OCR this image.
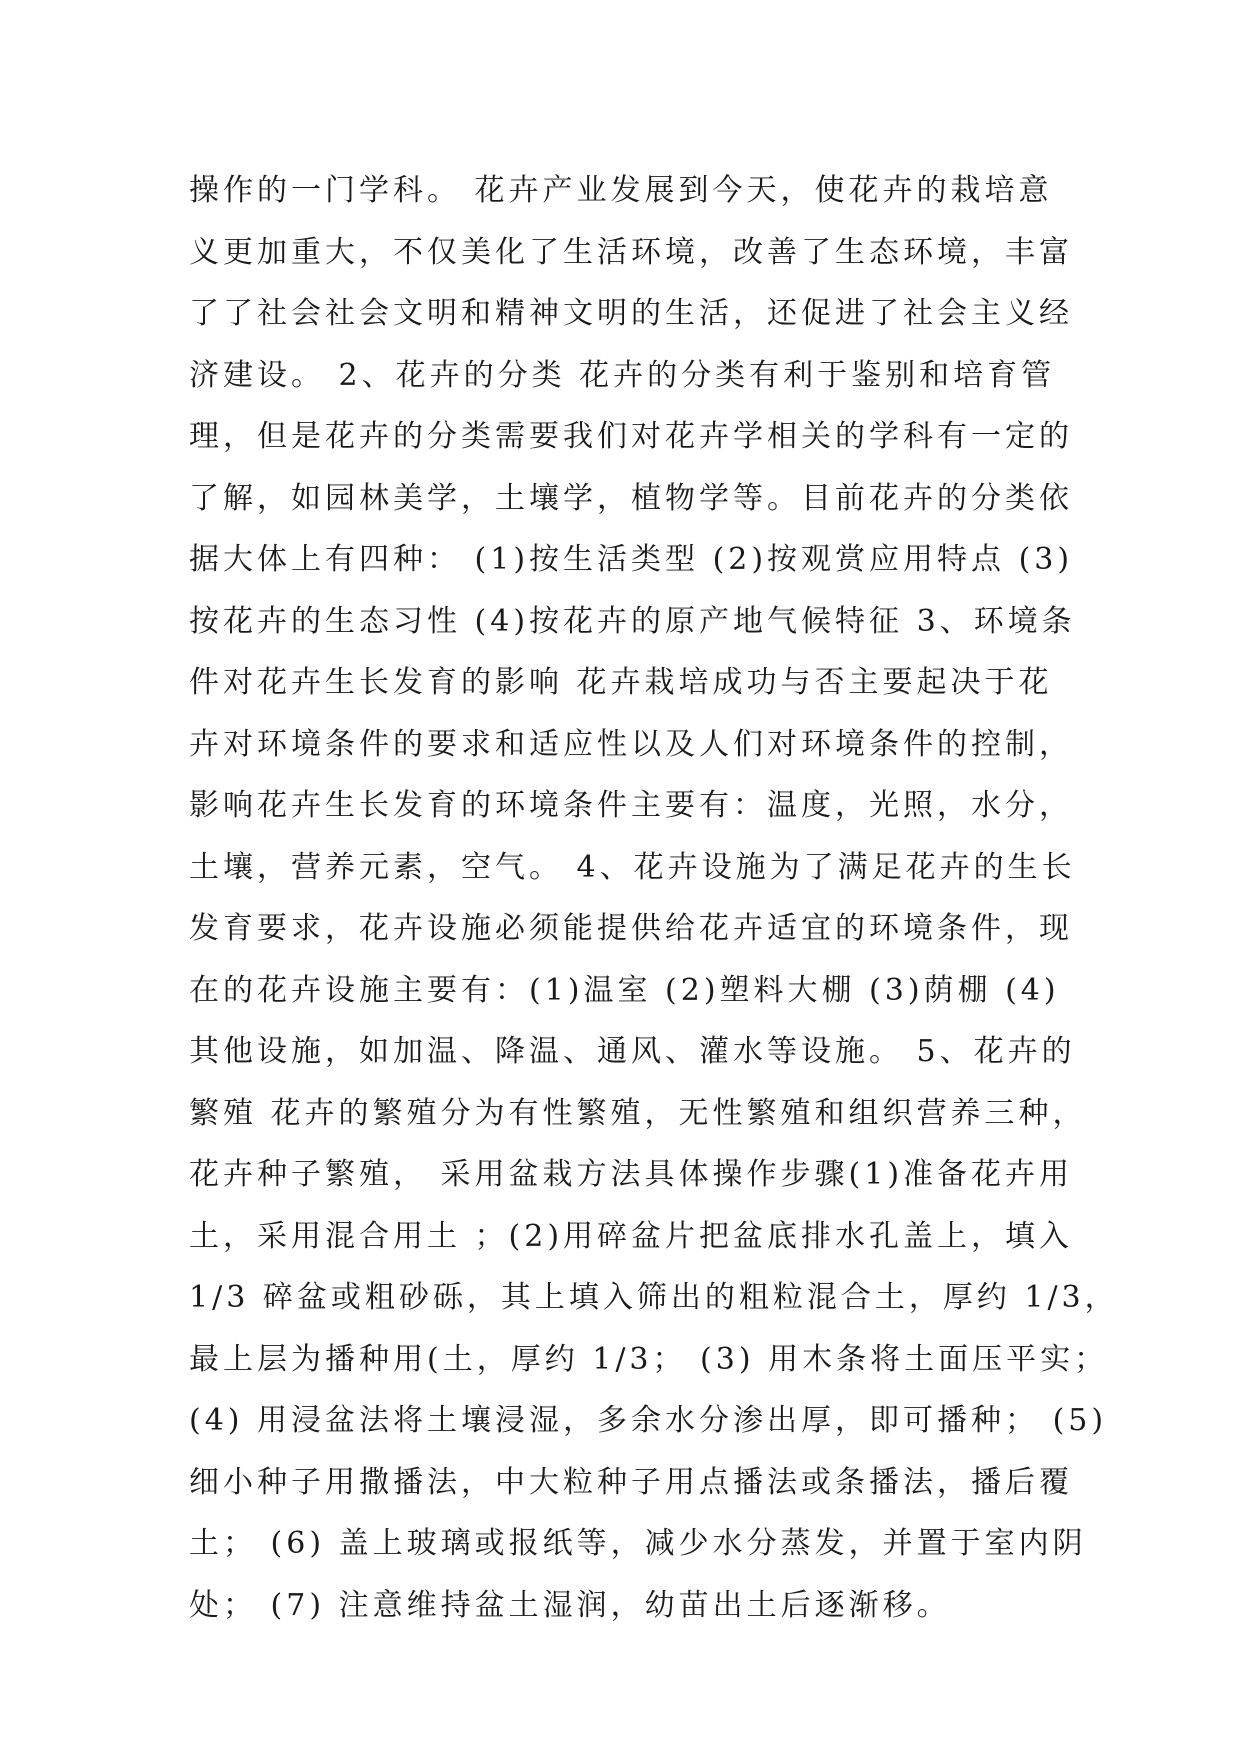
操作的一门学科。 花卉产业发展到今天，使花卉的栽培意
义更加重大，不仅美化了生活环境，改善了生态环境，丰富
了了社会社会文明和精神文明的生活，还促进了社会主义经
济建设。 2、花卉的分类 花卉的分类有利于鉴别和培育管
理，但是花卉的分类需要我们对花卉学相关的学科有一定的
了解，如园林美学，土壤学，植物学等。目前花卉的分类依
据大体上有四种： (1)按生活类型 (2)按观赏应用特点 (3)
按花卉的生态习性 (4)按花卉的原产地气候特征 3、环境条
件对花卉生长发育的影响 花卉栽培成功与否主要起决于花
卉对环境条件的要求和适应性以及人们对环境条件的控制，
影响花卉生长发育的环境条件主要有：温度，光照，水分，
土壤，营养元素，空气。 4、花卉设施为了满足花卉的生长
发育要求，花卉设施必须能提供给花卉适宜的环境条件，现
在的花卉设施主要有：(1)温室 (2)塑料大棚 (3)荫棚 (4)
其他设施，如加温、降温、通风、灌水等设施。 5、花卉的
繁殖 花卉的繁殖分为有性繁殖，无性繁殖和组织营养三种，
花卉种子繁殖， 采用盆栽方法具体操作步骤(1)准备花卉用
土，采用混合用土 ；(2)用碎盆片把盆底排水孔盖上，填入
1/3 碎盆或粗砂砾，其上填入筛出的粗粒混合土，厚约 1/3，
最上层为播种用(土，厚约 1/3； (3) 用木条将土面压平实；
(4) 用浸盆法将土壤浸湿，多余水分渗出厚，即可播种； (5)
细小种子用撒播法，中大粒种子用点播法或条播法，播后覆
土； (6) 盖上玻璃或报纸等，减少水分蒸发，并置于室内阴
处； (7) 注意维持盆土湿润，幼苗出土后逐渐移。
